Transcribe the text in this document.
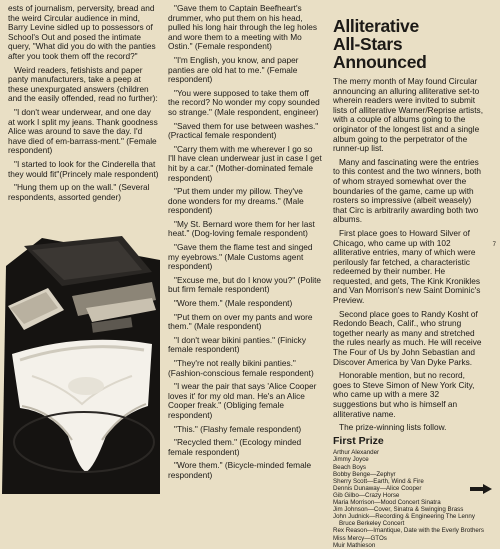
ests of journalism, perversity, bread and the weird Circular audience in mind, Barry Levine sidled up to possessors of School's Out and posed the intimate query, "What did you do with the panties after you took them off the record?"

Weird readers, fetishists and paper panty manufacturers, take a peep at these unexpurgated answers (children and the easily offended, read no further):

"I don't wear underwear, and one day at work I split my jeans. Thank goodness Alice was around to save the day. I'd have died of em-barrass-ment." (Female respondent)

"I started to look for the Cinderella that they would fit"(Princely male respondent)

"Hung them up on the wall." (Several respondents, assorted gender)

"Gave them to Captain Beefheart's drummer, who put them on his head, pulled his long hair through the leg holes and wore them to a meeting with Mo Ostin." (Female respondent)

"I'm English, you know, and paper panties are old hat to me." (Female respondent)

"You were supposed to take them off the record? No wonder my copy sounded so strange." (Male respondent, engineer)

"Saved them for use between washes." (Practical female respondent)

"Carry them with me wherever I go so I'll have clean underwear just in case I get hit by a car." (Mother-dominated female respondent)

"Put them under my pillow. They've done wonders for my dreams." (Male respondent)

"My St. Bernard wore them for her last heat." (Dog-loving female respondent)

"Gave them the flame test and singed my eyebrows." (Male Customs agent respondent)

"Excuse me, but do I know you?" (Polite but firm female respondent)

"Wore them." (Male respondent)

"Put them on over my pants and wore them." (Male respondent)

"I don't wear bikini panties." (Finicky female respondent)

"They're not really bikini panties." (Fashion-conscious female respondent)

"I wear the pair that says 'Alice Cooper loves it' for my old man. He's an Alice Cooper freak." (Obliging female respondent)

"This." (Flashy female respondent)

"Recycled them." (Ecology minded female respondent)

"Wore them." (Bicycle-minded female respondent)

Alliterative
All-Stars
Announced

The merry month of May found Circular announcing an alluring alliterative set-to wherein readers were invited to submit lists of alliterative Warner/Reprise artists, with a couple of albums going to the originator of the longest list and a single album going to the perpetrator of the runner-up list.

Many and fascinating were the entries to this contest and the two winners, both of whom strayed somewhat over the boundaries of the game, came up with rosters so impressive (albeit weasely) that Circ is arbitrarily awarding both two albums.

First place goes to Howard Silver of Chicago, who came up with 102 alliterative entries, many of which were perilously far fetched, a characteristic redeemed by their number. He requested, and gets, The Kink Kronikles and Van Morrison's new Saint Dominic's Preview.

Second place goes to Randy Kosht of Redondo Beach, Calif., who strung together nearly as many and stretched the rules nearly as much. He will receive The Four of Us by John Sebastian and Discover America by Van Dyke Parks.

Honorable mention, but no record, goes to Steve Simon of New York City, who came up with a mere 32 suggestions but who is himself an alliterative name.

The prize-winning lists follow.

First Prize
Arthur Alexander
Jimmy Joyce
Beach Boys
Bobby Benge—Zephyr
Sherry Scott—Earth, Wind & Fire
Dennis Dunaway—Alice Cooper
Gib Gilbo—Crazy Horse
Maria Morrison—Mood Concert Sinatra
Jim Johnson—Cover, Sinatra & Swinging Brass
John Judnick—Recording & Engineering The Lenny
Bruce Berkeley Concert
Rex Reason—Imantique, Date with the Everly Brothers
Miss Mercy—GTOs
Muir Mathieson
7
